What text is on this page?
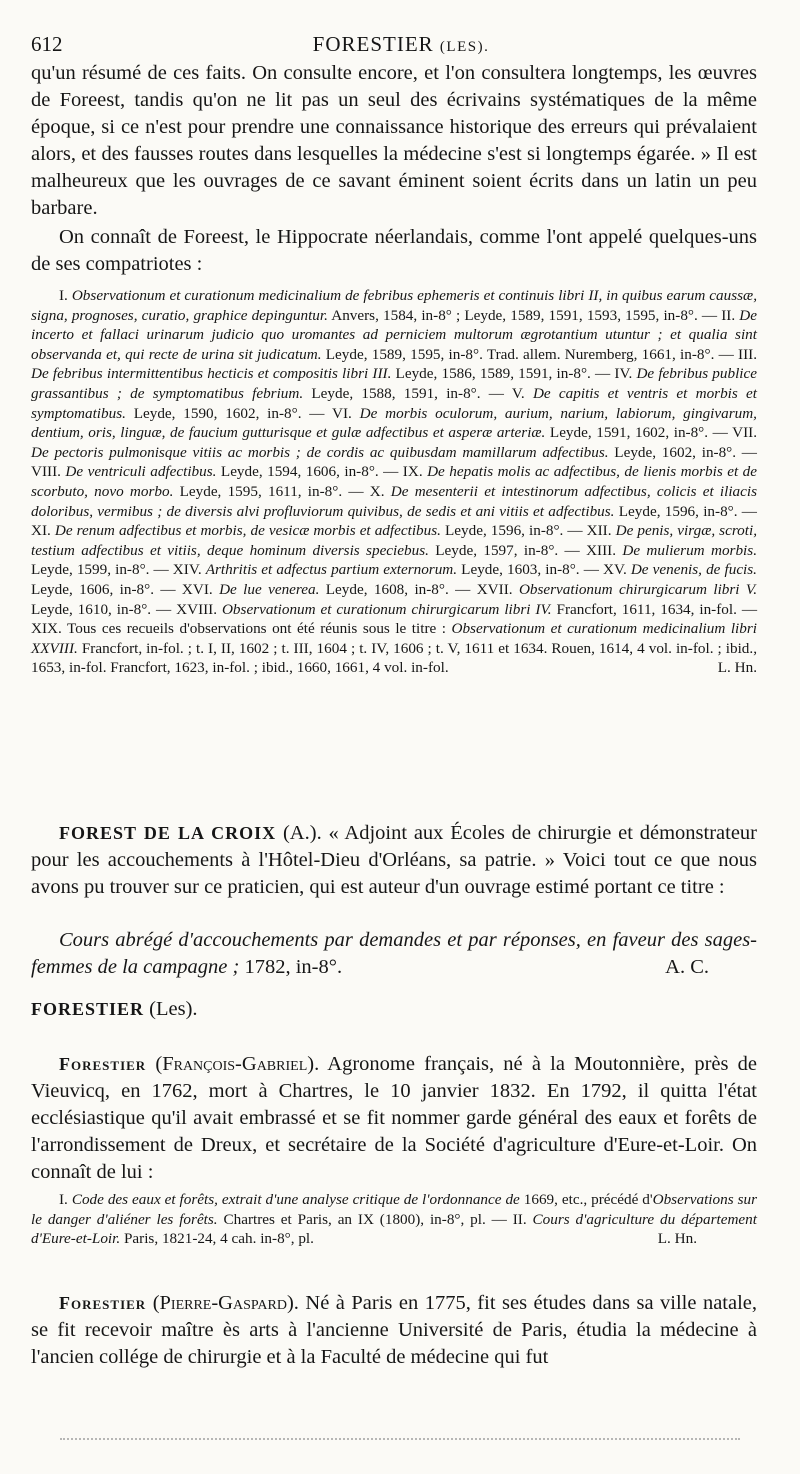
612	FORESTIER (LES).

qu'un résumé de ces faits. On consulte encore, et l'on consultera longtemps, les œuvres de Foreest, tandis qu'on ne lit pas un seul des écrivains systématiques de la même époque, si ce n'est pour prendre une connaissance historique des erreurs qui prévalaient alors, et des fausses routes dans lesquelles la médecine s'est si longtemps égarée. » Il est malheureux que les ouvrages de ce savant éminent soient écrits dans un latin un peu barbare.

On connaît de Foreest, le Hippocrate néerlandais, comme l'ont appelé quelques-uns de ses compatriotes :

I. Observationum et curationum medicinalium de febribus ephemeris et continuis libri II, in quibus earum caussæ, signa, prognoses, curatio, graphice depinguntur. Anvers, 1584, in-8° ; Leyde, 1589, 1591, 1593, 1595, in-8°. — II. De incerto et fallaci urinarum judicio quo uromantes ad perniciem multorum ægrotantium utuntur ; et qualia sint observanda et, qui recte de urina sit judicatum. Leyde, 1589, 1595, in-8°. Trad. allem. Nuremberg, 1661, in-8°. — III. De febribus intermittentibus hecticis et compositis libri III. Leyde, 1586, 1589, 1591, in-8°. — IV. De febribus publice grassantibus ; de symptomatibus febrium. Leyde, 1588, 1591, in-8°. — V. De capitis et ventris et morbis et symptomatibus. Leyde, 1590, 1602, in-8°. — VI. De morbis oculorum, aurium, narium, labiorum, gingivarum, dentium, oris, linguæ, de faucium gutturisque et gulæ adfectibus et asperæ arteriæ. Leyde, 1591, 1602, in-8°. — VII. De pectoris pulmonisque vitiis ac morbis ; de cordis ac quibusdam mamillarum adfectibus. Leyde, 1602, in-8°. — VIII. De ventriculi adfectibus. Leyde, 1594, 1606, in-8°. — IX. De hepatis molis ac adfectibus, de lienis morbis et de scorbuto, novo morbo. Leyde, 1595, 1611, in-8°. — X. De mesenterii et intestinorum adfectibus, colicis et iliacis doloribus, vermibus ; de diversis alvi profluviorum quivibus, de sedis et ani vitiis et adfectibus. Leyde, 1596, in-8°. — XI. De renum adfectibus et morbis, de vesicæ morbis et adfectibus. Leyde, 1596, in-8°. — XII. De penis, virgæ, scroti, testium adfectibus et vitiis, deque hominum diversis speciebus. Leyde, 1597, in-8°. — XIII. De mulierum morbis. Leyde, 1599, in-8°. — XIV. Arthritis et adfectus partium externorum. Leyde, 1603, in-8°. — XV. De venenis, de fucis. Leyde, 1606, in-8°. — XVI. De lue venerea. Leyde, 1608, in-8°. — XVII. Observationum chirurgicarum libri V. Leyde, 1610, in-8°. — XVIII. Observationum et curationum chirurgicarum libri IV. Francfort, 1611, 1634, in-fol. — XIX. Tous ces recueils d'observations ont été réunis sous le titre : Observationum et curationum medicinalium libri XXVIII. Francfort, in-fol. ; t. I, II, 1602 ; t. III, 1604 ; t. IV, 1606 ; t. V, 1611 et 1634. Rouen, 1614, 4 vol. in-fol. ; ibid., 1653, in-fol. Francfort, 1623, in-fol. ; ibid., 1660, 1661, 4 vol. in-fol.	L. Hn.
FOREST DE LA CROIX (A.). « Adjoint aux Écoles de chirurgie et démonstrateur pour les accouchements à l'Hôtel-Dieu d'Orléans, sa patrie. » Voici tout ce que nous avons pu trouver sur ce praticien, qui est auteur d'un ouvrage estimé portant ce titre :
Cours abrégé d'accouchements par demandes et par réponses, en faveur des sages-femmes de la campagne ; 1782, in-8°.	A. C.
FORESTIER (Les).
Forestier (François-Gabriel). Agronome français, né à la Moutonnière, près de Vieuvicq, en 1762, mort à Chartres, le 10 janvier 1832. En 1792, il quitta l'état ecclésiastique qu'il avait embrassé et se fit nommer garde général des eaux et forêts de l'arrondissement de Dreux, et secrétaire de la Société d'agriculture d'Eure-et-Loir. On connaît de lui :
I. Code des eaux et forêts, extrait d'une analyse critique de l'ordonnance de 1669, etc., précédé d'Observations sur le danger d'aliéner les forêts. Chartres et Paris, an IX (1800), in-8°, pl. — II. Cours d'agriculture du département d'Eure-et-Loir. Paris, 1821-24, 4 cah. in-8°, pl.	L. Hn.
Forestier (Pierre-Gaspard). Né à Paris en 1775, fit ses études dans sa ville natale, se fit recevoir maître ès arts à l'ancienne Université de Paris, étudia la médecine à l'ancien collége de chirurgie et à la Faculté de médecine qui fut
